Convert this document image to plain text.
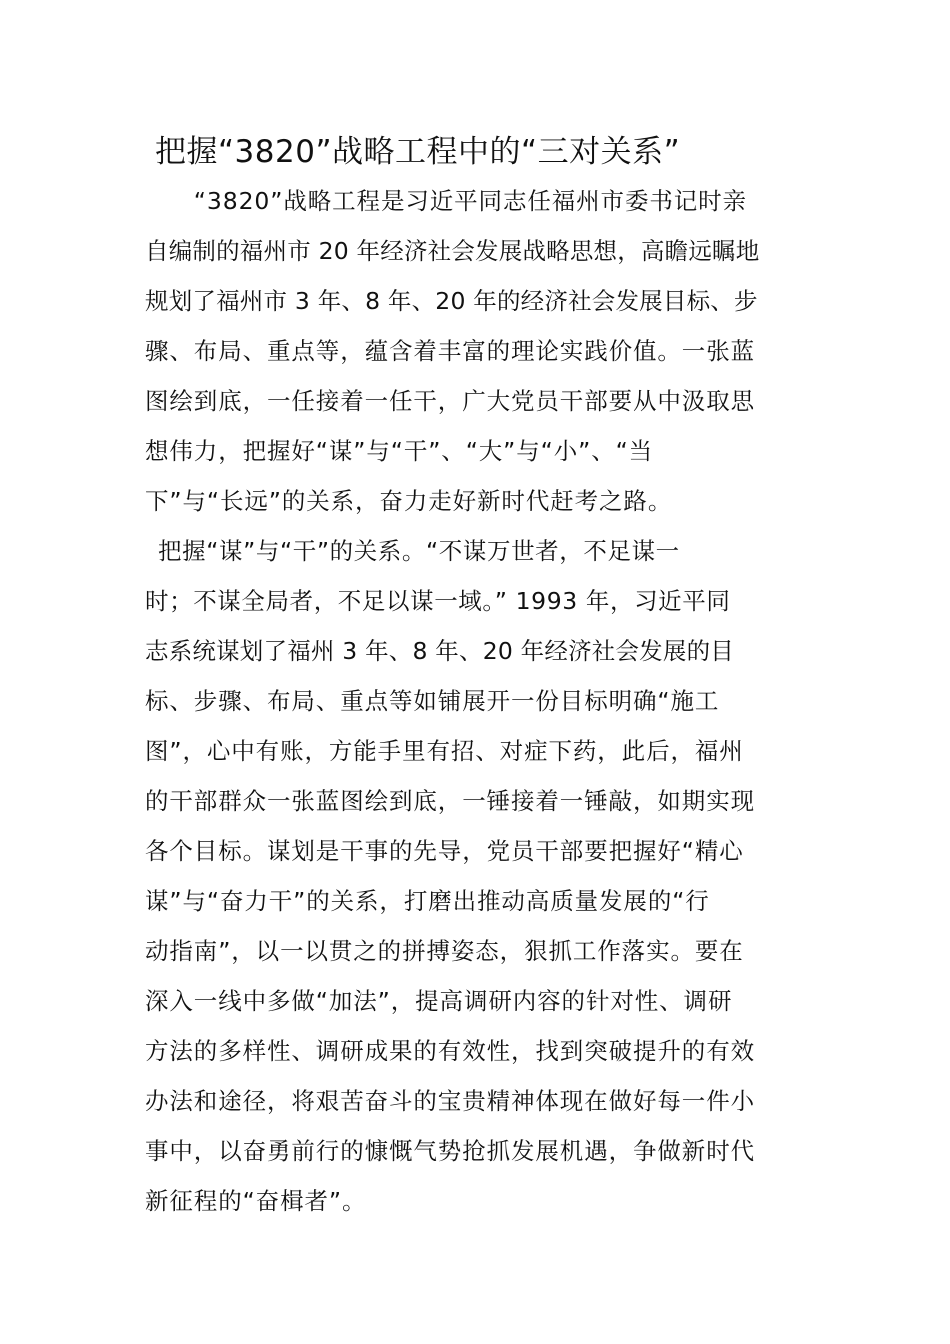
把握“3820”战略工程中的“三对关系”

　　“3820”战略工程是习近平同志任福州市委书记时亲

自编制的福州市 20 年经济社会发展战略思想，高瞻远瞩地

规划了福州市 3 年、8 年、20 年的经济社会发展目标、步

骤、布局、重点等，蕴含着丰富的理论实践价值。一张蓝

图绘到底，一任接着一任干，广大党员干部要从中汲取思

想伟力，把握好“谋”与“干”、“大”与“小”、“当

下”与“长远”的关系，奋力走好新时代赶考之路。

把握“谋”与“干”的关系。“不谋万世者，不足谋一

时；不谋全局者，不足以谋一域。” 1993 年，习近平同

志系统谋划了福州 3 年、8 年、20 年经济社会发展的目

标、步骤、布局、重点等如铺展开一份目标明确“施工

图”，心中有账，方能手里有招、对症下药，此后，福州

的干部群众一张蓝图绘到底，一锤接着一锤敲，如期实现

各个目标。谋划是干事的先导，党员干部要把握好“精心

谋”与“奋力干”的关系，打磨出推动高质量发展的“行

动指南”，以一以贯之的拼搏姿态，狠抓工作落实。要在

深入一线中多做“加法”，提高调研内容的针对性、调研

方法的多样性、调研成果的有效性，找到突破提升的有效

办法和途径，将艰苦奋斗的宝贵精神体现在做好每一件小

事中，以奋勇前行的慷慨气势抢抓发展机遇，争做新时代

新征程的“奋楫者”。
